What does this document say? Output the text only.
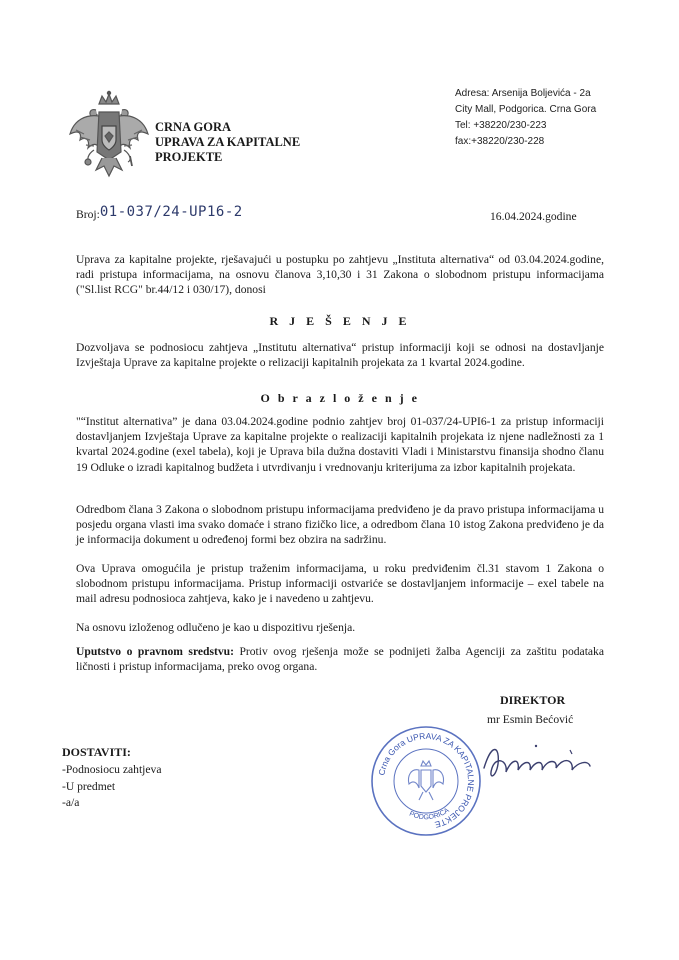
CRNA GORA
UPRAVA ZA KAPITALNE
PROJEKTE
Adresa: Arsenija Boljevića - 2a
City Mall, Podgorica. Crna Gora
Tel: +38220/230-223
fax:+38220/230-228
Broj:01-037/24-UP16-2	16.04.2024.godine
Uprava za kapitalne projekte, rješavajući u postupku po zahtjevu „Instituta alternativa“ od 03.04.2024.godine, radi pristupa informacijama, na osnovu članova 3,10,30 i 31 Zakona o slobodnom pristupu informacijama ("Sl.list RCG" br.44/12 i 030/17), donosi
R J E Š E N J E
Dozvoljava se podnosiocu zahtjeva „Institutu alternativa“ pristup informaciji koji se odnosi na dostavljanje Izvještaja Uprave za kapitalne projekte o relizaciji kapitalnih projekata za 1 kvartal 2024.godine.
O b r a z l o ž e n j e
"“Institut alternativa” je dana 03.04.2024.godine podnio zahtjev broj 01-037/24-UPI6-1 za pristup informaciji dostavljanjem Izvještaja Uprave za kapitalne projekte o realizaciji kapitalnih projekata iz njene nadležnosti za 1 kvartal 2024.godine (exel tabela), koji je Uprava bila dužna dostaviti Vladi i Ministarstvu finansija shodno članu 19 Odluke o izradi kapitalnog budžeta i utvrdivanju i vrednovanju kriterijuma za izbor kapitalnih projekata.
Odredbom člana 3 Zakona o slobodnom pristupu informacijama predviđeno je da pravo pristupa informacijama u posjedu organa vlasti ima svako domaće i strano fizičko lice, a odredbom člana 10 istog Zakona predviđeno je da je informacija dokument u određenoj formi bez obzira na sadržinu.
Ova Uprava omogućila je pristup traženim informacijama, u roku predviđenim čl.31 stavom 1 Zakona o slobodnom pristupu informacijama. Pristup informaciji ostvariće se dostavljanjem informacije – exel tabele na mail adresu podnosioca zahtjeva, kako je i navedeno u zahtjevu.
Na osnovu izloženog odlučeno je kao u dispozitivu rješenja.
Uputstvo o pravnom sredstvu: Protiv ovog rješenja može se podnijeti žalba Agenciji za zaštitu podataka ličnosti i pristup informacijama, preko ovog organa.
DIREKTOR
mr Esmin Bećović
Crna Gora UPRAVA ZA KAPITALNE PROJEKTE
PODGORICA
DOSTAVITI:
-Podnosiocu zahtjeva
-U predmet
-a/a
